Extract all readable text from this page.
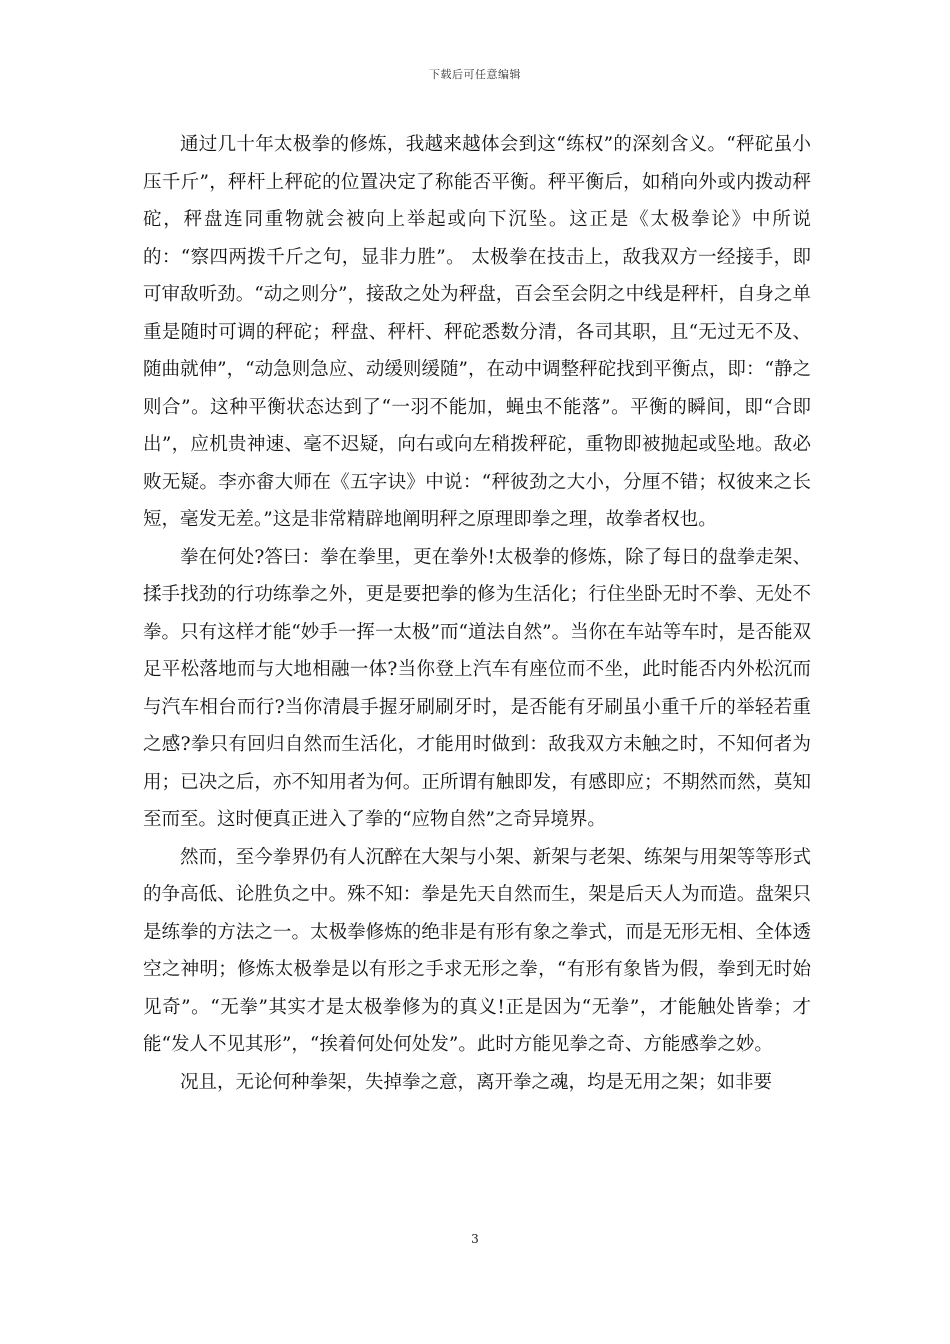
下载后可任意编辑

通过几十年太极拳的修炼，我越来越体会到这“练权”的深刻含义。“秤砣虽小压千斤”，秤杆上秤砣的位置决定了称能否平衡。秤平衡后，如稍向外或内拨动秤砣，秤盘连同重物就会被向上举起或向下沉坠。这正是《太极拳论》中所说的：“察四两拨千斤之句，显非力胜”。 太极拳在技击上，敌我双方一经接手，即可审敌听劲。“动之则分”，接敌之处为秤盘，百会至会阴之中线是秤杆，自身之单重是随时可调的秤砣；秤盘、秤杆、秤砣悉数分清，各司其职，且“无过无不及、随曲就伸”，“动急则急应、动缓则缓随”，在动中调整秤砣找到平衡点，即：“静之则合”。这种平衡状态达到了“一羽不能加，蝇虫不能落”。平衡的瞬间，即“合即出”，应机贵神速、毫不迟疑，向右或向左稍拨秤砣，重物即被抛起或坠地。敌必败无疑。李亦畬大师在《五字诀》中说：“秤彼劲之大小，分厘不错；权彼来之长短，毫发无差。”这是非常精辟地阐明秤之原理即拳之理，故拳者权也。

拳在何处?答曰：拳在拳里，更在拳外!太极拳的修炼，除了每日的盘拳走架、揉手找劲的行功练拳之外，更是要把拳的修为生活化；行住坐卧无时不拳、无处不拳。只有这样才能“妙手一挥一太极”而“道法自然”。当你在车站等车时，是否能双足平松落地而与大地相融一体?当你登上汽车有座位而不坐，此时能否内外松沉而与汽车相台而行?当你清晨手握牙刷刷牙时，是否能有牙刷虽小重千斤的举轻若重之感?拳只有回归自然而生活化，才能用时做到：敌我双方未触之时，不知何者为用；已决之后，亦不知用者为何。正所谓有触即发，有感即应；不期然而然，莫知至而至。这时便真正进入了拳的“应物自然”之奇异境界。

然而，至今拳界仍有人沉醉在大架与小架、新架与老架、练架与用架等等形式的争高低、论胜负之中。殊不知：拳是先天自然而生，架是后天人为而造。盘架只是练拳的方法之一。太极拳修炼的绝非是有形有象之拳式，而是无形无相、全体透空之神明；修炼太极拳是以有形之手求无形之拳，“有形有象皆为假，拳到无时始见奇”。“无拳”其实才是太极拳修为的真义!正是因为“无拳”，才能触处皆拳；才能“发人不见其形”，“挨着何处何处发”。此时方能见拳之奇、方能感拳之妙。

况且，无论何种拳架，失掉拳之意，离开拳之魂，均是无用之架；如非要

3
